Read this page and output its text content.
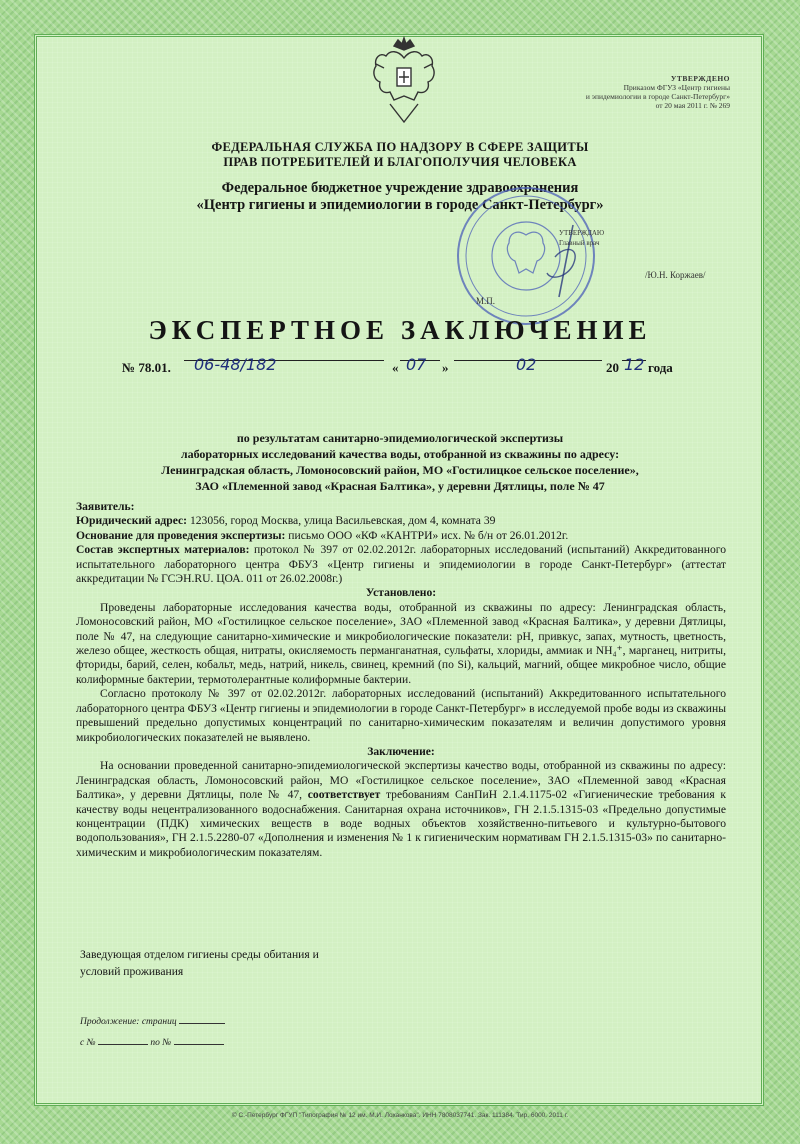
УТВЕРЖДЕНО
Приказом ФГУЗ «Центр гигиены
и эпидемиологии в городе Санкт-Петербург»
от 20 мая 2011 г. № 269
ФЕДЕРАЛЬНАЯ СЛУЖБА ПО НАДЗОРУ В СФЕРЕ ЗАЩИТЫ
ПРАВ ПОТРЕБИТЕЛЕЙ И БЛАГОПОЛУЧИЯ ЧЕЛОВЕКА
Федеральное бюджетное учреждение здравоохранения
«Центр гигиены и эпидемиологии в городе Санкт-Петербург»
УТВЕРЖДАЮ
Главный врач
/Ю.Н. Коржаев/
М.П.
ЭКСПЕРТНОЕ ЗАКЛЮЧЕНИЕ
№ 78.01. 06-48/182	« 07 »	02	20 12 года
по результатам санитарно-эпидемиологической экспертизы
лабораторных исследований качества воды, отобранной из скважины по адресу:
Ленинградская область, Ломоносовский район, МО «Гостилицкое сельское поселение»,
ЗАО «Племенной завод «Красная Балтика», у деревни Дятлицы, поле № 47

Заявитель:

Юридический адрес: 123056, город Москва, улица Васильевская, дом 4, комната 39

Основание для проведения экспертизы: письмо ООО «КФ «КАНТРИ» исх. № б/н от 26.01.2012г.

Состав экспертных материалов: протокол № 397 от 02.02.2012г. лабораторных исследований (испытаний) Аккредитованного испытательного лабораторного центра ФБУЗ «Центр гигиены и эпидемиологии в городе Санкт-Петербург» (аттестат аккредитации № ГСЭН.RU. ЦОА. 011 от 26.02.2008г.)

Установлено:

Проведены лабораторные исследования качества воды, отобранной из скважины по адресу: Ленинградская область, Ломоносовский район, МО «Гостилицкое сельское поселение», ЗАО «Племенной завод «Красная Балтика», у деревни Дятлицы, поле № 47, на следующие санитарно-химические и микробиологические показатели: pH, привкус, запах, мутность, цветность, железо общее, жесткость общая, нитраты, окисляемость перманганатная, сульфаты, хлориды, аммиак и NH₄⁺, марганец, нитриты, фториды, барий, селен, кобальт, медь, натрий, никель, свинец, кремний (по Si), кальций, магний, общее микробное число, общие колиформные бактерии, термотолерантные колиформные бактерии.

Согласно протоколу № 397 от 02.02.2012г. лабораторных исследований (испытаний) Аккредитованного испытательного лабораторного центра ФБУЗ «Центр гигиены и эпидемиологии в городе Санкт-Петербург» в исследуемой пробе воды из скважины превышений предельно допустимых концентраций по санитарно-химическим показателям и величин допустимого уровня микробиологических показателей не выявлено.

Заключение:

На основании проведенной санитарно-эпидемиологической экспертизы качество воды, отобранной из скважины по адресу: Ленинградская область, Ломоносовский район, МО «Гостилицкое сельское поселение», ЗАО «Племенной завод «Красная Балтика», у деревни Дятлицы, поле № 47, соответствует требованиям СанПиН 2.1.4.1175-02 «Гигиенические требования к качеству воды нецентрализованного водоснабжения. Санитарная охрана источников», ГН 2.1.5.1315-03 «Предельно допустимые концентрации (ПДК) химических веществ в воде водных объектов хозяйственно-питьевого и культурно-бытового водопользования», ГН 2.1.5.2280-07 «Дополнения и изменения № 1 к гигиеническим нормативам ГН 2.1.5.1315-03» по санитарно-химическим и микробиологическим показателям.

Заведующая отделом гигиены среды обитания и
условий проживания
Продолжение: страниц
с №	по №
© С.-Петербург ФГУП "Типография № 12 им. М.И. Лоханкова". ИНН 7808037741. Зак. 111384. Тир. 6000. 2011 г.
